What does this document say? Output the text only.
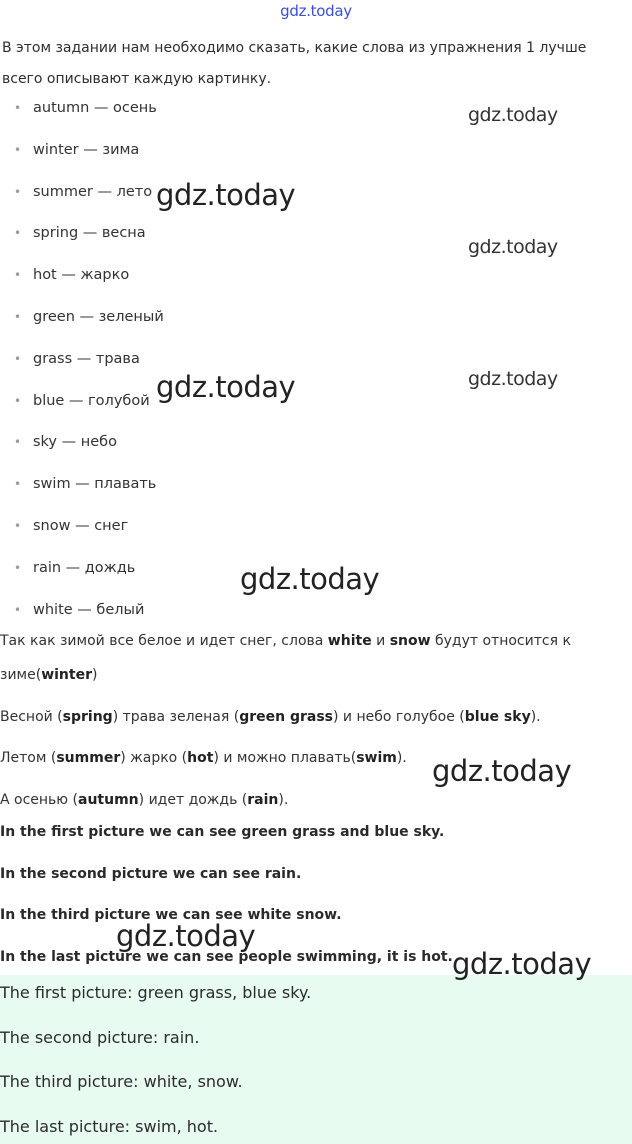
gdz.today

В этом задании нам необходимо сказать, какие слова из упражнения 1 лучше

всего описывают каждую картинку.

• autumn — осень
• winter — зима
• summer — лето
• spring — весна
• hot — жарко
• green — зеленый
• grass — трава
• blue — голубой
• sky — небо
• swim — плавать
• snow — снег
• rain — дождь
• white — белый

Так как зимой все белое и идет снег, слова white и snow будут относится к

зиме(winter)

Весной (spring) трава зеленая (green grass) и небо голубое (blue sky).

Летом (summer) жарко (hot) и можно плавать(swim).

А осенью (autumn) идет дождь (rain).

In the first picture we can see green grass and blue sky.

In the second picture we can see rain.

In the third picture we can see white snow.

In the last picture we can see people swimming, it is hot.

The first picture: green grass, blue sky.

The second picture: rain.

The third picture: white, snow.

The last picture: swim, hot.

gdz.today
gdz.today
gdz.today
gdz.today	gdz.today
gdz.today
gdz.today
gdz.today
gdz.today
